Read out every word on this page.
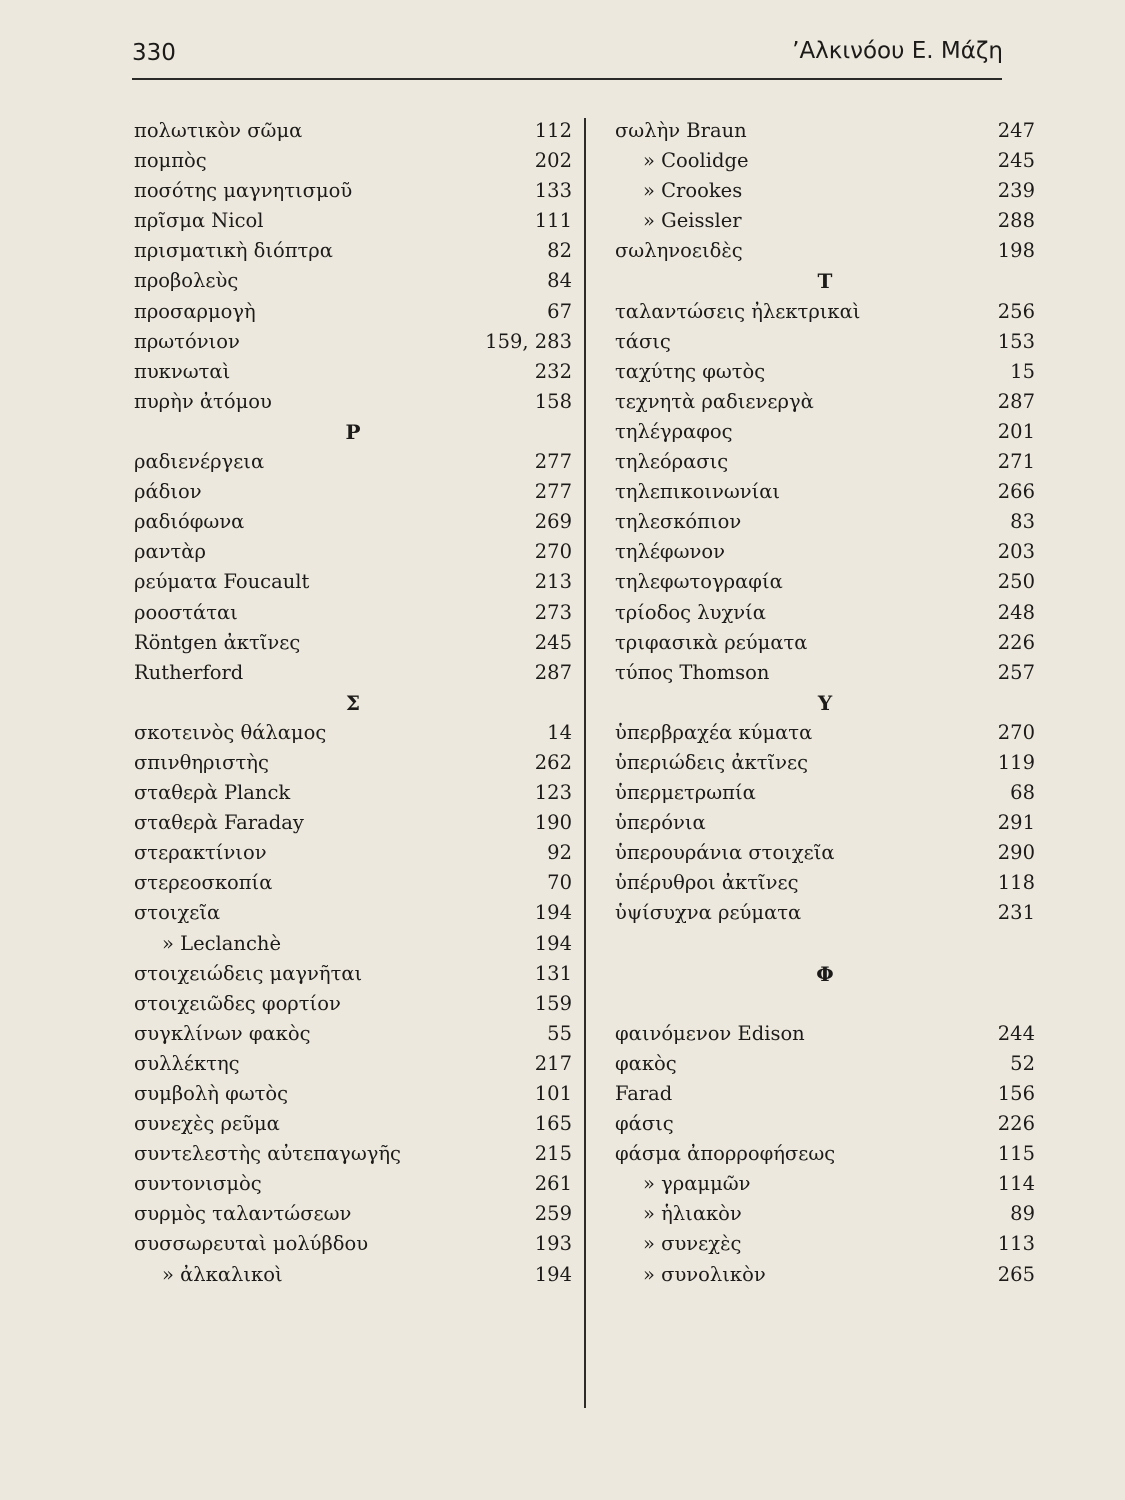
330	’Αλκινόου Ε. Μάζη
πολωτικὸν σῶμα	112
πομπὸς	202
ποσότης μαγνητισμοῦ	133
πρῖσμα Nicol	111
πρισματικὴ διόπτρα	82
προβολεὺς	84
προσαρμογὴ	67
πρωτόνιον	159, 283
πυκνωταὶ	232
πυρὴν ἀτόμου	158
P
ραδιενέργεια	277
ράδιον	277
ραδιόφωνα	269
ραντὰρ	270
ρεύματα Foucault	213
ροοστάται	273
Röntgen ἀκτῖνες	245
Rutherford	287
Σ
σκοτεινὸς θάλαμος	14
σπινθηριστὴς	262
σταθερὰ Planck	123
σταθερὰ Faraday	190
στερακτίνιον	92
στερεοσκοπία	70
στοιχεῖα	194
» Leclanchè	194
στοιχειώδεις μαγνῆται	131
στοιχειῶδες φορτίον	159
συγκλίνων φακὸς	55
συλλέκτης	217
συμβολὴ φωτὸς	101
συνεχὲς ρεῦμα	165
συντελεστὴς αὐτεπαγωγῆς	215
συντονισμὸς	261
συρμὸς ταλαντώσεων	259
συσσωρευταὶ μολύβδου	193
» ἀλκαλικοὶ	194
σωλὴν Braun	247
» Coolidge	245
» Crookes	239
» Geissler	288
σωληνοειδὲς	198
T
ταλαντώσεις ἠλεκτρικαὶ	256
τάσις	153
ταχύτης φωτὸς	15
τεχνητὰ ραδιενεργὰ	287
τηλέγραφος	201
τηλεόρασις	271
τηλεπικοινωνίαι	266
τηλεσκόπιον	83
τηλέφωνον	203
τηλεφωτογραφία	250
τρίοδος λυχνία	248
τριφασικὰ ρεύματα	226
τύπος Thomson	257
Y
ὑπερβραχέα κύματα	270
ὑπεριώδεις ἀκτῖνες	119
ὑπερμετρωπία	68
ὑπερόνια	291
ὑπερουράνια στοιχεῖα	290
ὑπέρυθροι ἀκτῖνες	118
ὑψίσυχνα ρεύματα	231
Φ
φαινόμενον Edison	244
φακὸς	52
Farad	156
φάσις	226
φάσμα ἀπορροφήσεως	115
» γραμμῶν	114
» ἡλιακὸν	89
» συνεχὲς	113
» συνολικὸν	265
